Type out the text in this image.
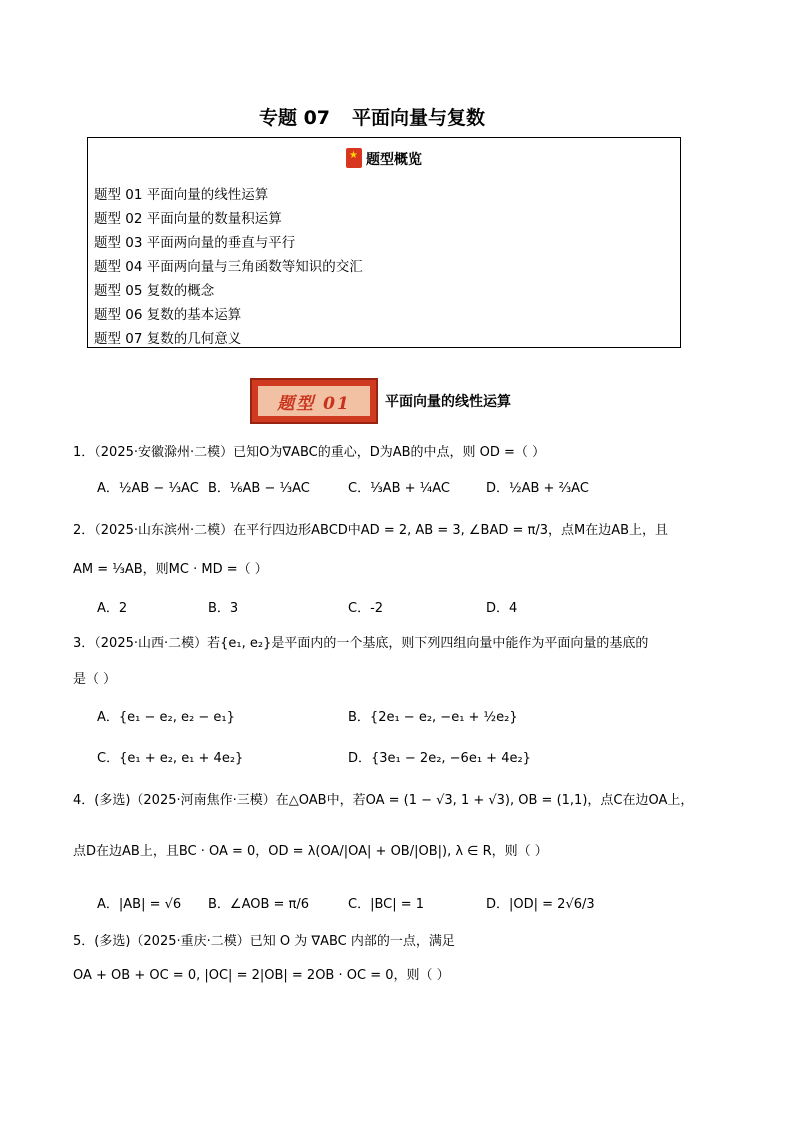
专题 07 平面向量与复数
★题型概览
题型 01 平面向量的线性运算
题型 02 平面向量的数量积运算
题型 03 平面两向量的垂直与平行
题型 04 平面两向量与三角函数等知识的交汇
题型 05 复数的概念
题型 06 复数的基本运算
题型 07 复数的几何意义
题型 01	平面向量的线性运算
1．（2025·安徽滁州·二模）已知O为∇ABC的重心，D为AB的中点，则 OD =（ ）
A．½AB − ⅓AC B．⅙AB − ⅓AC	C．⅓AB + ¼AC	D．½AB + ⅔AC
2．（2025·山东滨州·二模）在平行四边形ABCD中AD = 2, AB = 3, ∠BAD = π/3，点M在边AB上，且
AM = ⅓AB，则MC · MD =（ ）
A．2	B．3	C．-2	D．4
3．（2025·山西·二模）若{e₁, e₂}是平面内的一个基底，则下列四组向量中能作为平面向量的基底的
是（ ）
A．{e₁ − e₂, e₂ − e₁}	B．{2e₁ − e₂, −e₁ + ½e₂}
C．{e₁ + e₂, e₁ + 4e₂}	D．{3e₁ − 2e₂, −6e₁ + 4e₂}
4．(多选)（2025·河南焦作·三模）在△OAB中，若OA = (1 − √3, 1 + √3), OB = (1,1)，点C在边OA上，
点D在边AB上，且BC · OA = 0，OD = λ(OA/|OA| + OB/|OB|), λ ∈ R，则（ ）
A．|AB| = √6 B．∠AOB = π/6	C．|BC| = 1	D．|OD| = 2√6/3
5．(多选)（2025·重庆·二模）已知 O 为 ∇ABC 内部的一点，满足
OA + OB + OC = 0, |OC| = 2|OB| = 2OB · OC = 0，则（ ）
